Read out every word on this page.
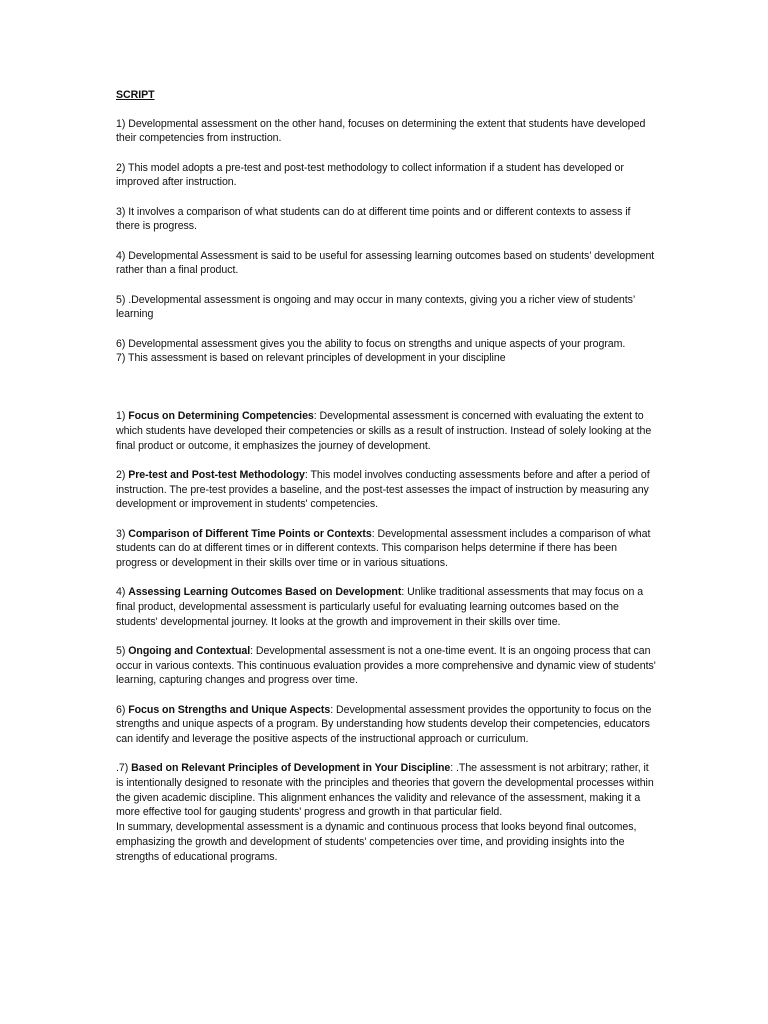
SCRIPT
1) Developmental assessment on the other hand, focuses on determining the extent that students have developed their competencies from instruction.
2) This model adopts a pre-test and post-test methodology to collect information if a student has developed or improved after instruction.
3) It involves a comparison of what students can do at different time points and or different contexts to assess if there is progress.
4) Developmental Assessment is said to be useful for assessing learning outcomes based on students’ development rather than a final product.
5) .Developmental assessment is ongoing and may occur in many contexts, giving you a richer view of students’ learning
6) Developmental assessment gives you the ability to focus on strengths and unique aspects of your program.
7) This assessment is based on relevant principles of development in your discipline
1) Focus on Determining Competencies: Developmental assessment is concerned with evaluating the extent to which students have developed their competencies or skills as a result of instruction. Instead of solely looking at the final product or outcome, it emphasizes the journey of development.
2) Pre-test and Post-test Methodology: This model involves conducting assessments before and after a period of instruction. The pre-test provides a baseline, and the post-test assesses the impact of instruction by measuring any development or improvement in students' competencies.
3) Comparison of Different Time Points or Contexts: Developmental assessment includes a comparison of what students can do at different times or in different contexts. This comparison helps determine if there has been progress or development in their skills over time or in various situations.
4) Assessing Learning Outcomes Based on Development: Unlike traditional assessments that may focus on a final product, developmental assessment is particularly useful for evaluating learning outcomes based on the students' developmental journey. It looks at the growth and improvement in their skills over time.
5) Ongoing and Contextual: Developmental assessment is not a one-time event. It is an ongoing process that can occur in various contexts. This continuous evaluation provides a more comprehensive and dynamic view of students' learning, capturing changes and progress over time.
6) Focus on Strengths and Unique Aspects: Developmental assessment provides the opportunity to focus on the strengths and unique aspects of a program. By understanding how students develop their competencies, educators can identify and leverage the positive aspects of the instructional approach or curriculum.
.7) Based on Relevant Principles of Development in Your Discipline: .The assessment is not arbitrary; rather, it is intentionally designed to resonate with the principles and theories that govern the developmental processes within the given academic discipline. This alignment enhances the validity and relevance of the assessment, making it a more effective tool for gauging students' progress and growth in that particular field.
In summary, developmental assessment is a dynamic and continuous process that looks beyond final outcomes, emphasizing the growth and development of students' competencies over time, and providing insights into the strengths of educational programs.
